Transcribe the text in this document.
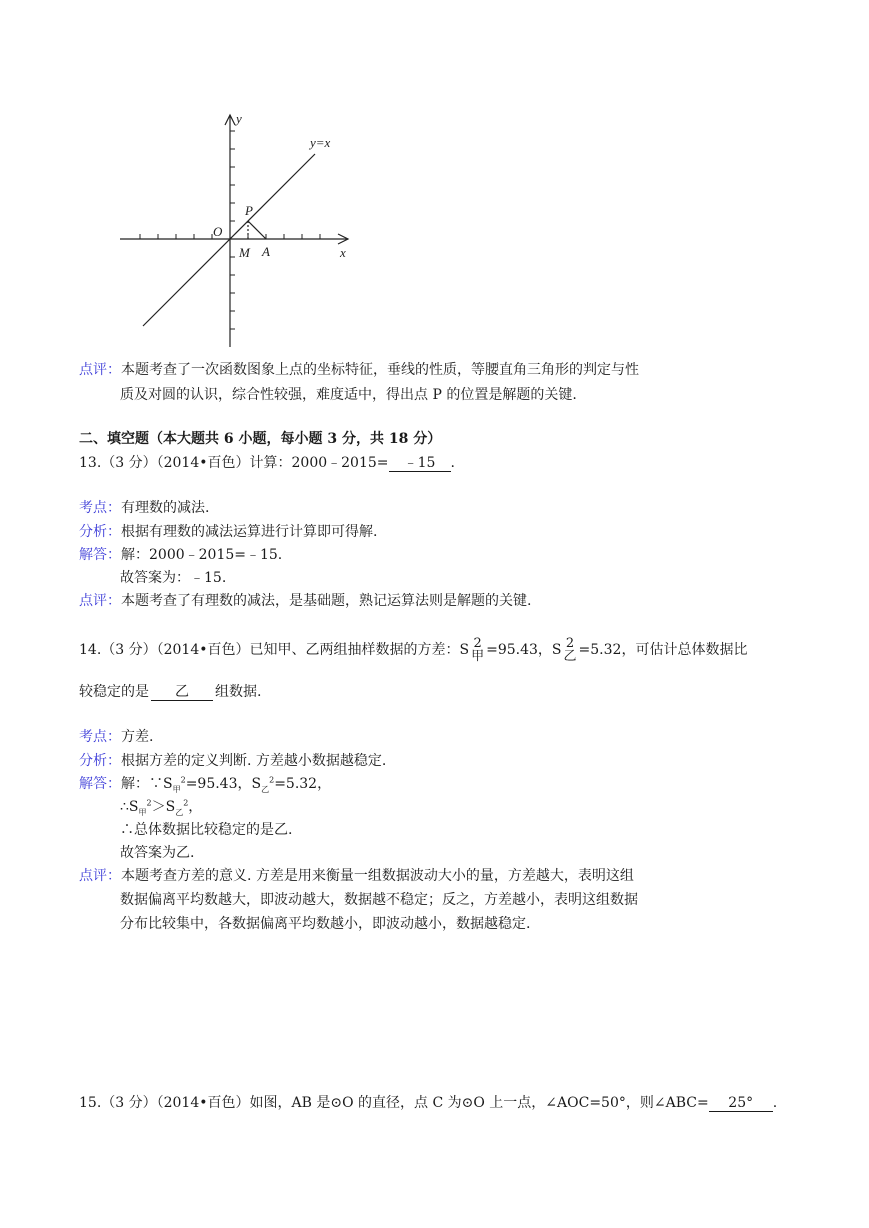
y
x
y=x
O
P
M A
点评：本题考查了一次函数图象上点的坐标特征，垂线的性质，等腰直角三角形的判定与性
质及对圆的认识，综合性较强，难度适中，得出点 P 的位置是解题的关键.
二、填空题（本大题共 6 小题，每小题 3 分，共 18 分）
13.（3 分）（2014•百色）计算：2000﹣2015= ﹣15 .
考点：有理数的减法.
分析：根据有理数的减法运算进行计算即可得解.
解答：解：2000﹣2015=﹣15.
故答案为：﹣15.
点评：本题考查了有理数的减法，是基础题，熟记运算法则是解题的关键.
14.（3 分）（2014•百色）已知甲、乙两组抽样数据的方差：S 2
甲 =95.43，S 2
乙 =5.32，可估计总体数据比
较稳定的是 乙 组数据.
考点：方差.
分析：根据方差的定义判断. 方差越小数据越稳定.
解答：解：$\because S_甲^2=95.43$，$S_乙^2=5.32$，
$\therefore S_甲^2>S_乙^2$，
∴总体数据比较稳定的是乙.
故答案为乙.
点评：本题考查方差的意义. 方差是用来衡量一组数据波动大小的量，方差越大，表明这组
数据偏离平均数越大，即波动越大，数据越不稳定；反之，方差越小，表明这组数据
分布比较集中，各数据偏离平均数越小，即波动越小，数据越稳定.
15.（3 分）（2014•百色）如图，AB 是⊙O 的直径，点 C 为⊙O 上一点，∠AOC=50°，则∠ABC= 25° .
